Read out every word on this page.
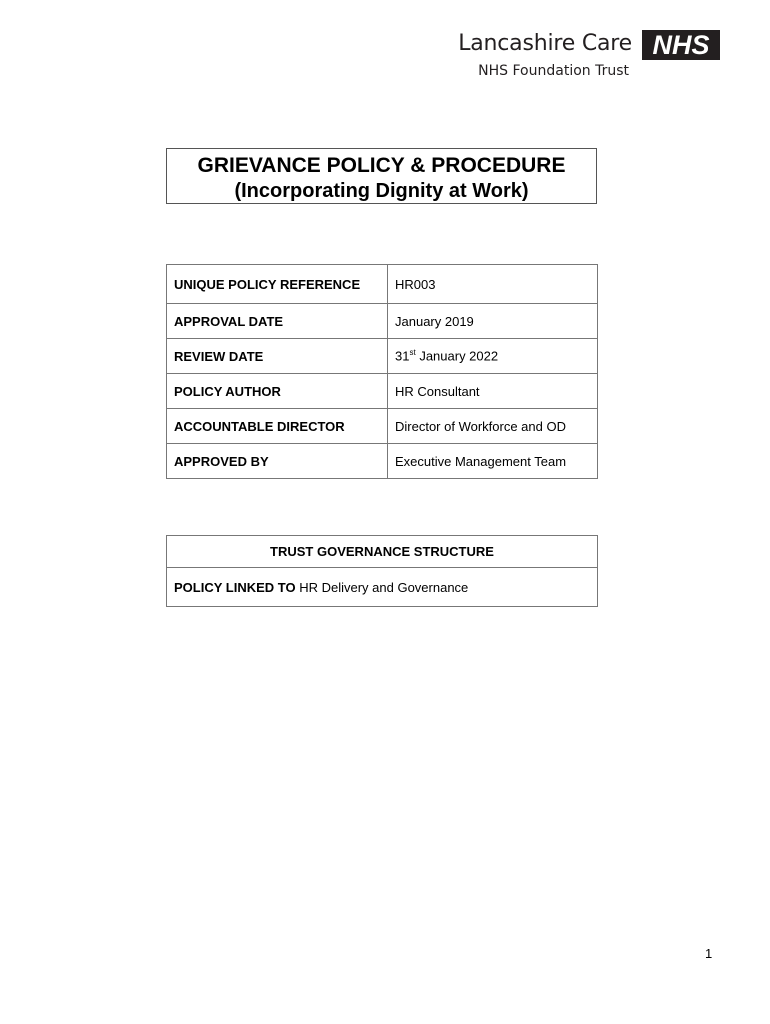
Lancashire Care NHS
NHS Foundation Trust
GRIEVANCE POLICY & PROCEDURE
(Incorporating Dignity at Work)
UNIQUE POLICY REFERENCE	HR003
APPROVAL DATE	January 2019
REVIEW DATE	31st January 2022
POLICY AUTHOR	HR Consultant
ACCOUNTABLE DIRECTOR	Director of Workforce and OD
APPROVED BY	Executive Management Team
TRUST GOVERNANCE STRUCTURE
POLICY LINKED TO HR Delivery and Governance
1
